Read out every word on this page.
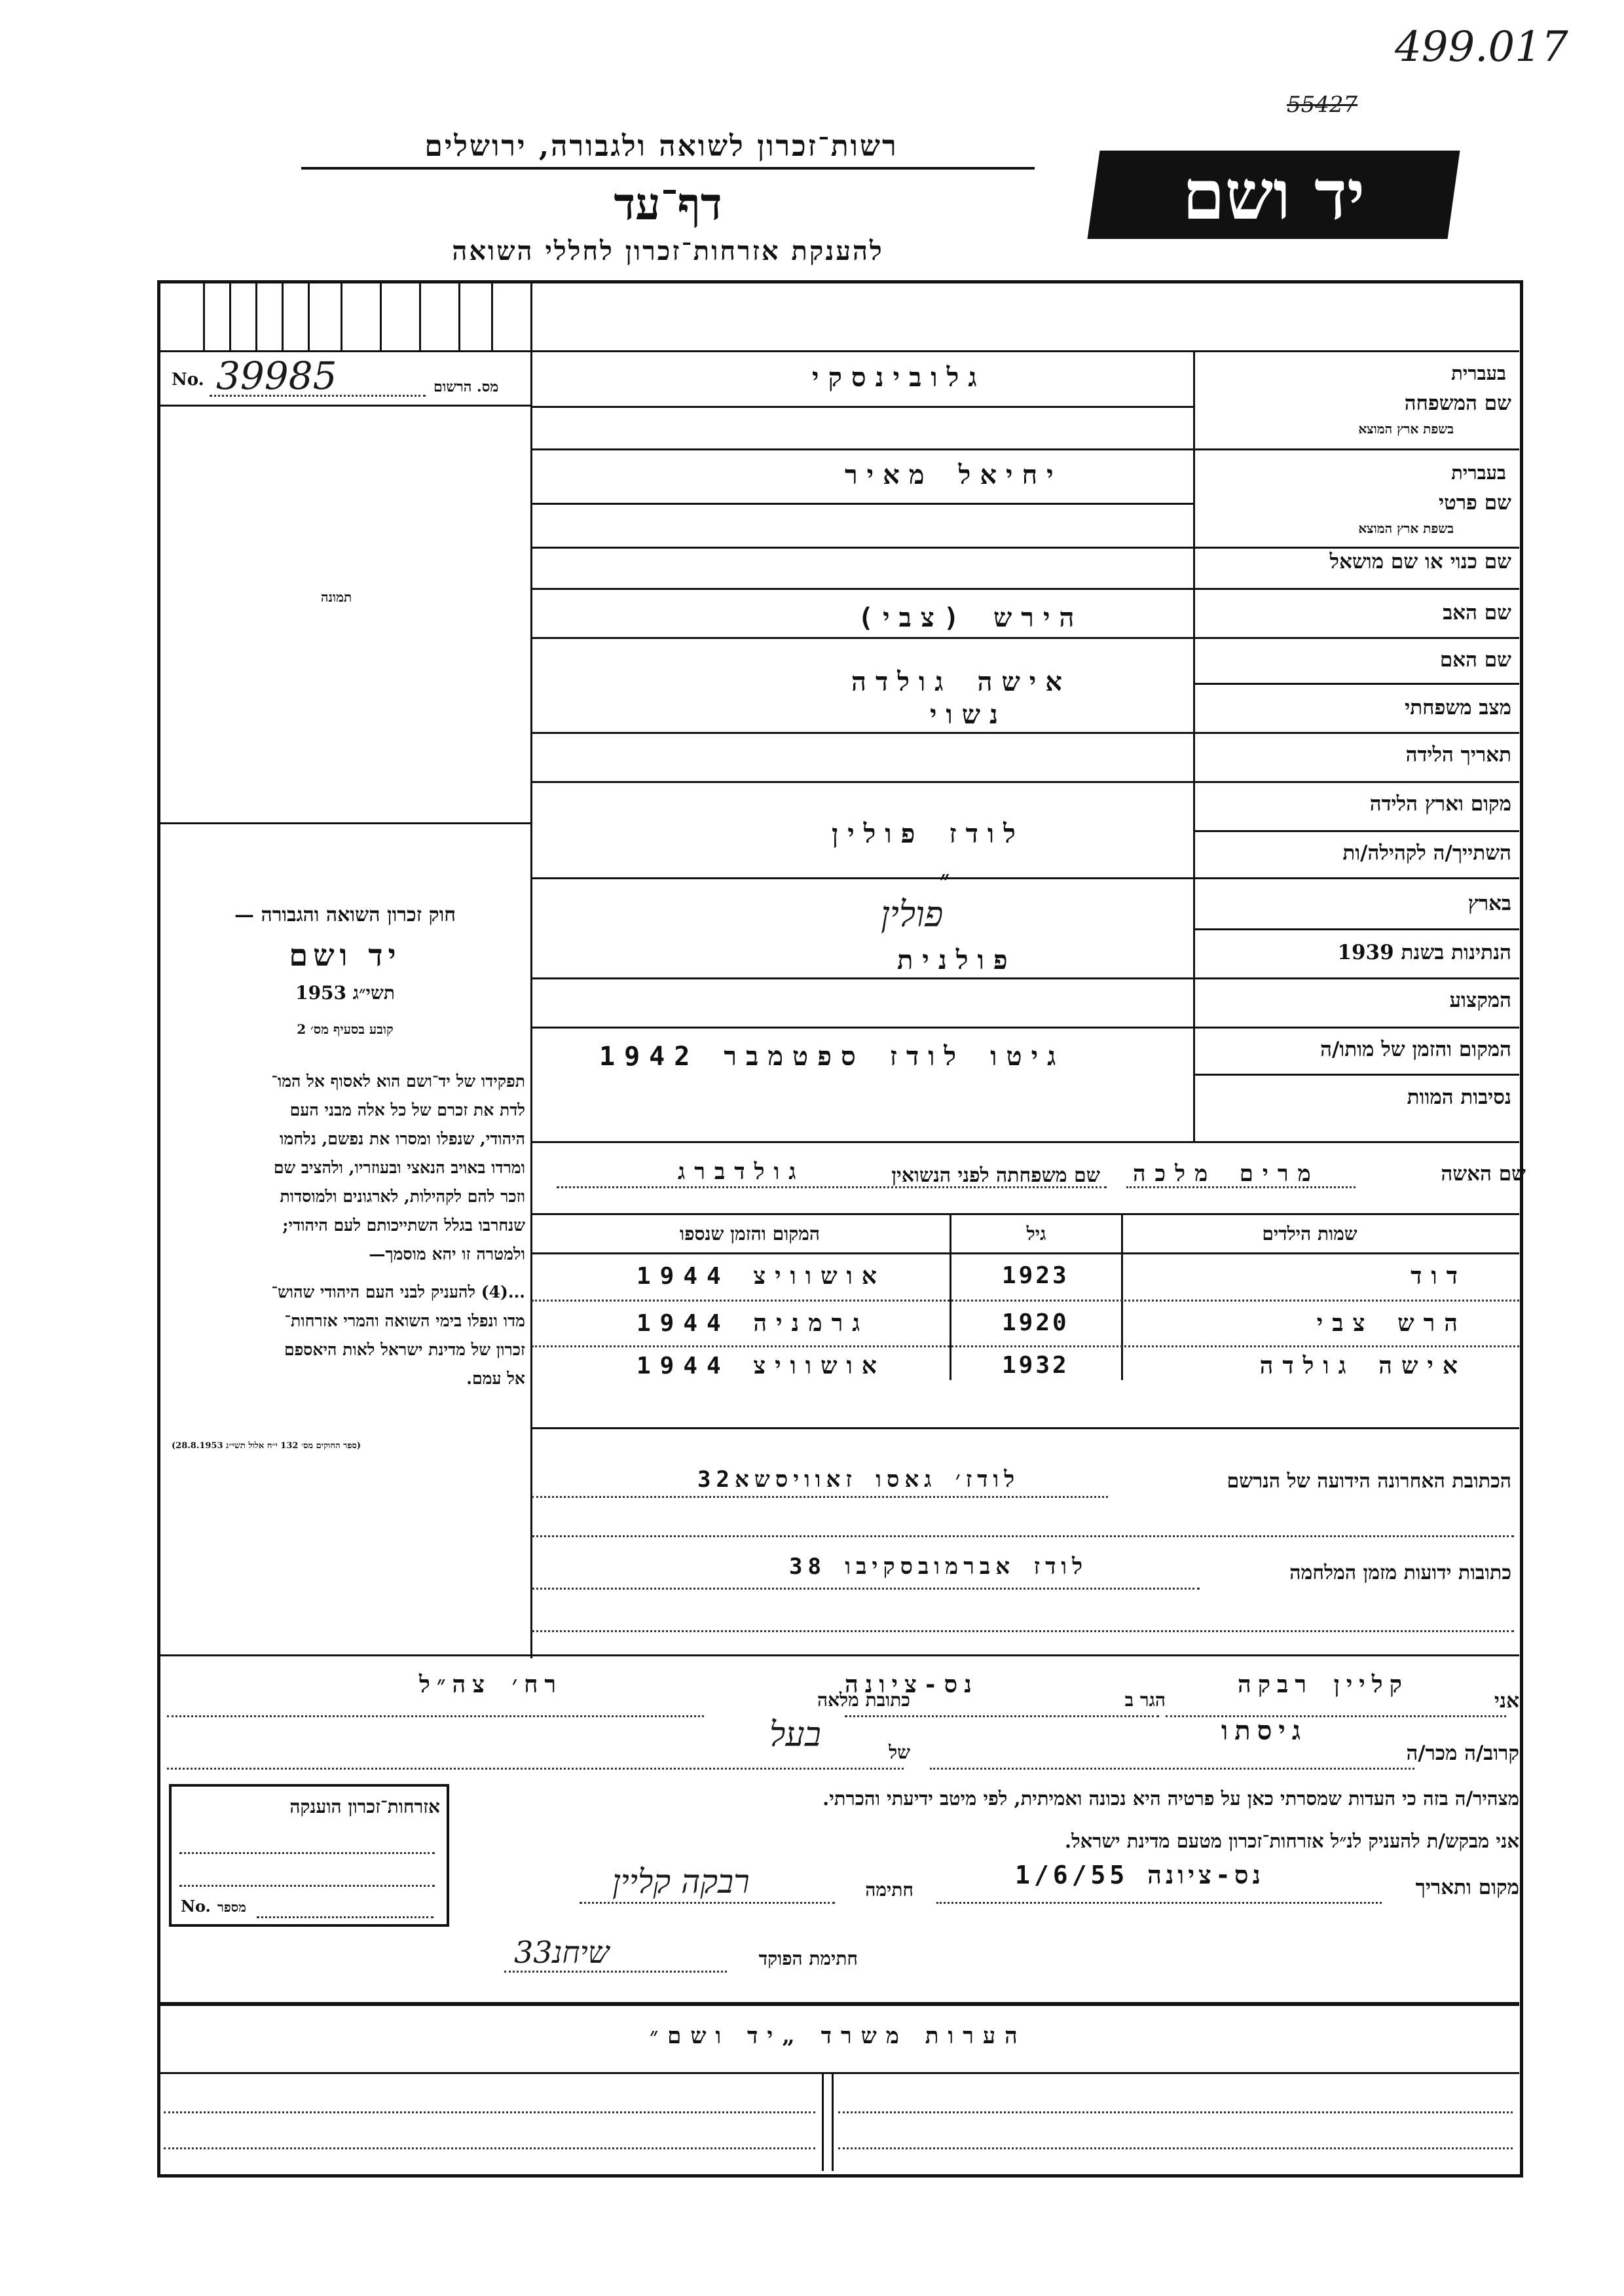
499.017
55427
רשות־זכרון לשואה ולגבורה, ירושלים
דף־עד
להענקת אזרחות־זכרון לחללי השואה
יד ושם
No. 39985	מס. הרשום
תמונה
חוק זכרון השואה והגבורה —
יד ושם
תשי״ג 1953
קובע בסעיף מס׳ 2
תפקידו של יד־ושם הוא לאסוף אל המו־
לדת את זכרם של כל אלה מבני העם
היהודי, שנפלו ומסרו את נפשם, נלחמו
ומרדו באויב הנאצי ובעוזריו, ולהציב שם
וזכר להם לקהילות, לארגונים ולמוסדות
שנחרבו בגלל השתייכותם לעם היהודי;
ולמטרה זו יהא מוסמך—
...(4) להעניק לבני העם היהודי שהוש־
מדו ונפלו בימי השואה והמרי אזרחות־
זכרון של מדינת ישראל לאות היאספם
אל עמם.
(ספר החוקים מס׳ 132 י״ח אלול תשי״ג 28.8.1953)
בעברית
שם המשפחה
בשפת ארץ המוצא
גלובינסקי
בעברית
שם פרטי
בשפת ארץ המוצא
יחיאל מאיר
שם כנוי או שם מושאל
שם האב
הירש (צבי)
שם האם
אישה גולדה
מצב משפחתי
נשוי
תאריך הלידה
מקום וארץ הלידה
השתייך/ה לקהילה/ות
לודז פולין
בארץ
״
פולין
הנתינות בשנת 1939
פולנית
המקצוע
המקום והזמן של מותו/ה
גיטו לודז ספטמבר 1942
נסיבות המוות
שם האשה
מרים מלכה
שם משפחתה לפני הנשואין
גולדברג
שמות הילדים
גיל
המקום והזמן שנספו
דוד
1923
אושוויצ 1944
הרש צבי
1920
גרמניה 1944
אישה גולדה
1932
אושוויצ 1944
הכתובת האחרונה הידועה של הנרשם
לודז׳ גאסו זאוויסשא32
כתובות ידועות מזמן המלחמה
לודז אברמובסקיבו 38
אני
קליין רבקה
הגר ב
נס-ציונה
כתובת מלאה
רח׳ צה״ל
קרוב/ה מכר/ה
גיסתו
של
בעל
מצהיר/ה בזה כי העדות שמסרתי כאן על פרטיה היא נכונה ואמיתית, לפי מיטב ידיעתי והכרתי.
אני מבקש/ת להעניק לנ״ל אזרחות־זכרון מטעם מדינת ישראל.
מקום ותאריך
נס-ציונה 1/6/55
חתימה
רבקה קליין
חתימת הפוקד
שיחנ33
אזרחות־זכרון הוענקה
No. מספר
הערות משרד „יד ושם״
